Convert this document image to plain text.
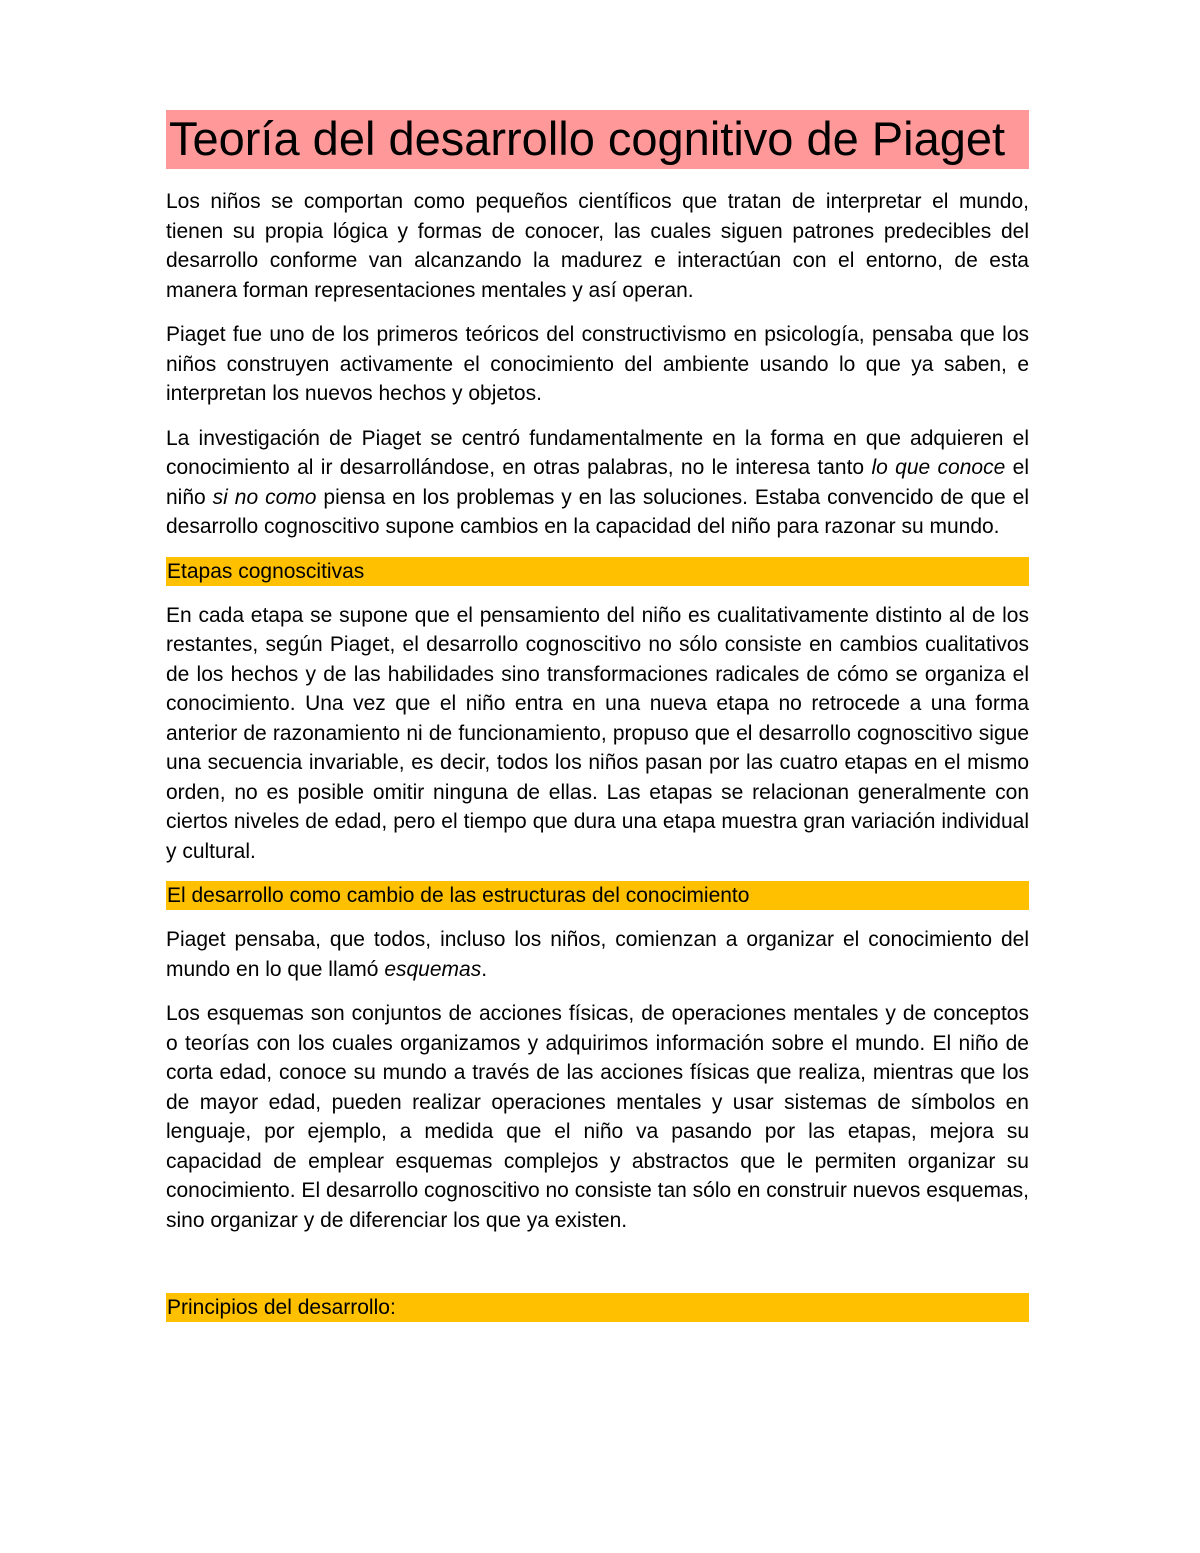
Teoría del desarrollo cognitivo de Piaget

Los niños se comportan como pequeños científicos que tratan de interpretar el mundo, tienen su propia lógica y formas de conocer, las cuales siguen patrones predecibles del desarrollo conforme van alcanzando la madurez e interactúan con el entorno, de esta manera forman representaciones mentales y así operan.

Piaget fue uno de los primeros teóricos del constructivismo en psicología, pensaba que los niños construyen activamente el conocimiento del ambiente usando lo que ya saben, e interpretan los nuevos hechos y objetos.

La investigación de Piaget se centró fundamentalmente en la forma en que adquieren el conocimiento al ir desarrollándose, en otras palabras, no le interesa tanto lo que conoce el niño si no como piensa en los problemas y en las soluciones. Estaba convencido de que el desarrollo cognoscitivo supone cambios en la capacidad del niño para razonar su mundo.

Etapas cognoscitivas

En cada etapa se supone que el pensamiento del niño es cualitativamente distinto al de los restantes, según Piaget, el desarrollo cognoscitivo no sólo consiste en cambios cualitativos de los hechos y de las habilidades sino transformaciones radicales de cómo se organiza el conocimiento. Una vez que el niño entra en una nueva etapa no retrocede a una forma anterior de razonamiento ni de funcionamiento, propuso que el desarrollo cognoscitivo sigue una secuencia invariable, es decir, todos los niños pasan por las cuatro etapas en el mismo orden, no es posible omitir ninguna de ellas. Las etapas se relacionan generalmente con ciertos niveles de edad, pero el tiempo que dura una etapa muestra gran variación individual y cultural.

El desarrollo como cambio de las estructuras del conocimiento

Piaget pensaba, que todos, incluso los niños, comienzan a organizar el conocimiento del mundo en lo que llamó esquemas.

Los esquemas son conjuntos de acciones físicas, de operaciones mentales y de conceptos o teorías con los cuales organizamos y adquirimos información sobre el mundo. El niño de corta edad, conoce su mundo a través de las acciones físicas que realiza, mientras que los de mayor edad, pueden realizar operaciones mentales y usar sistemas de símbolos en lenguaje, por ejemplo, a medida que el niño va pasando por las etapas, mejora su capacidad de emplear esquemas complejos y abstractos que le permiten organizar su conocimiento. El desarrollo cognoscitivo no consiste tan sólo en construir nuevos esquemas, sino organizar y de diferenciar los que ya existen.

Principios del desarrollo:
